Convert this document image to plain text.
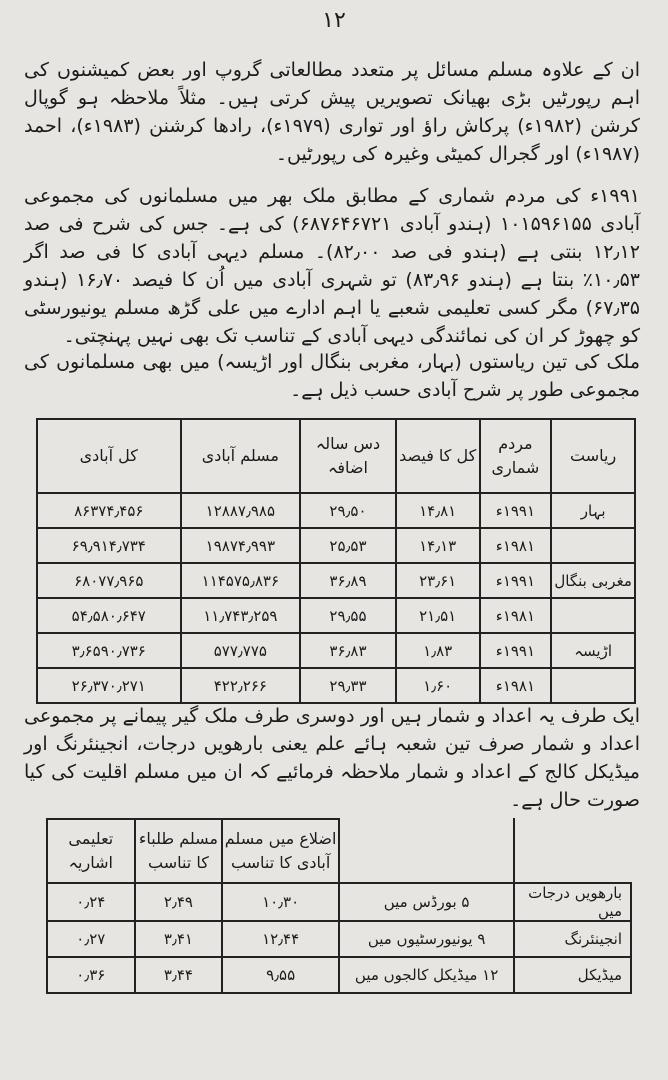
۱۲

ان کے علاوہ مسلم مسائل پر متعدد مطالعاتی گروپ اور بعض کمیشنوں کی اہم رپورٹیں بڑی بھیانک تصویریں پیش کرتی ہیں۔ مثلاً ملاحظہ ہو گوپال کرشن (۱۹۸۲ء) پرکاش راؤ اور تواری (۱۹۷۹ء)، رادھا کرشنن (۱۹۸۳ء)، احمد (۱۹۸۷ء) اور گجرال کمیٹی وغیرہ کی رپورٹیں۔

۱۹۹۱ء کی مردم شماری کے مطابق ملک بھر میں مسلمانوں کی مجموعی آبادی ۱۰۱۵۹۶۱۵۵ (ہندو آبادی ۶۸۷۶۴۶۷۲۱) کی ہے۔ جس کی شرح فی صد ۱۲٫۱۲ بنتی ہے (ہندو فی صد ۸۲٫۰۰)۔ مسلم دیہی آبادی کا فی صد اگر ۱۰٫۵۳٪ بنتا ہے (ہندو ۸۳٫۹۶) تو شہری آبادی میں اُن کا فیصد ۱۶٫۷۰ (ہندو ۶۷٫۳۵) مگر کسی تعلیمی شعبے یا اہم ادارے میں علی گڑھ مسلم یونیورسٹی کو چھوڑ کر ان کی نمائندگی دیہی آبادی کے تناسب تک بھی نہیں پہنچتی۔

ملک کی تین ریاستوں (بہار، مغربی بنگال اور اڑیسہ) میں بھی مسلمانوں کی مجموعی طور پر شرح آبادی حسب ذیل ہے۔

ریاست	مردم شماری	کل کا فیصد	دس سالہ اضافہ	مسلم آبادی	کل آبادی
بہار	۱۹۹۱ء	۱۴٫۸۱	۲۹٫۵۰	۱۲۸۸۷٫۹۸۵	۸۶۳۷۴٫۴۵۶
	۱۹۸۱ء	۱۴٫۱۳	۲۵٫۵۳	۱۹۸۷۴٫۹۹۳	۶۹٫۹۱۴٫۷۳۴
مغربی بنگال	۱۹۹۱ء	۲۳٫۶۱	۳۶٫۸۹	۱۱۴۵۷۵٫۸۳۶	۶۸۰۷۷٫۹۶۵
	۱۹۸۱ء	۲۱٫۵۱	۲۹٫۵۵	۱۱٫۷۴۳٫۲۵۹	۵۴٫۵۸۰٫۶۴۷
اڑیسہ	۱۹۹۱ء	۱٫۸۳	۳۶٫۸۳	۵۷۷٫۷۷۵	۳٫۶۵۹۰٫۷۳۶
	۱۹۸۱ء	۱٫۶۰	۲۹٫۳۳	۴۲۲٫۲۶۶	۲۶٫۳۷۰٫۲۷۱

ایک طرف یہ اعداد و شمار ہیں اور دوسری طرف ملک گیر پیمانے پر مجموعی اعداد و شمار صرف تین شعبہ ہائے علم یعنی بارھویں درجات، انجینئرنگ اور میڈیکل کالج کے اعداد و شمار ملاحظہ فرمائیے کہ ان میں مسلم اقلیت کی کیا صورت حال ہے۔

		اضلاع میں مسلم آبادی کا تناسب	مسلم طلباء کا تناسب	تعلیمی اشاریہ
بارھویں درجات میں	۵ بورڈس میں	۱۰٫۳۰	۲٫۴۹	۰٫۲۴
انجینئرنگ	۹ یونیورسٹیوں میں	۱۲٫۴۴	۳٫۴۱	۰٫۲۷
میڈیکل	۱۲ میڈیکل کالجوں میں	۹٫۵۵	۳٫۴۴	۰٫۳۶
